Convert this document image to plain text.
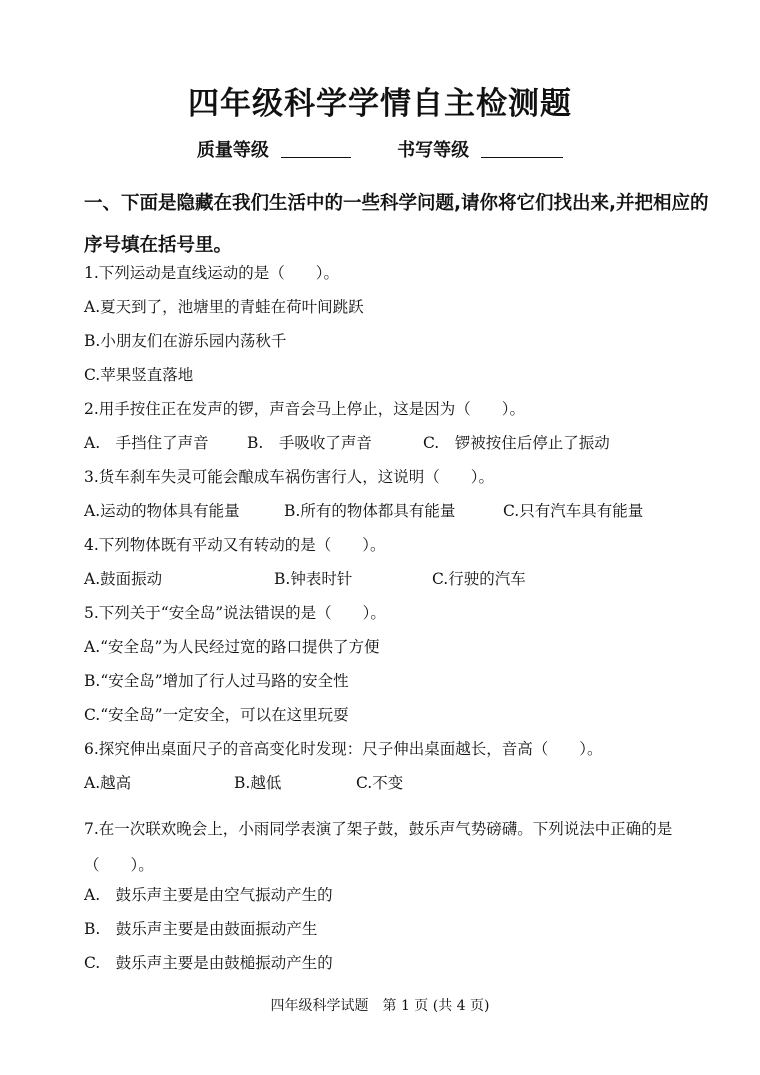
四年级科学学情自主检测题
质量等级	书写等级
一、下面是隐藏在我们生活中的一些科学问题,请你将它们找出来,并把相应的序号填在括号里。
1.下列运动是直线运动的是（　　）。
A.夏天到了，池塘里的青蛙在荷叶间跳跃
B.小朋友们在游乐园内荡秋千
C.苹果竖直落地
2.用手按住正在发声的锣，声音会马上停止，这是因为（　　）。
A.　手挡住了声音 B.　手吸收了声音	C.　锣被按住后停止了振动
3.货车刹车失灵可能会酿成车祸伤害行人，这说明（　　）。
A.运动的物体具有能量	B.所有的物体都具有能量	C.只有汽车具有能量
4.下列物体既有平动又有转动的是（　　）。
A.鼓面振动	B.钟表时针	C.行驶的汽车
5.下列关于“安全岛”说法错误的是（　　）。
A.“安全岛”为人民经过宽的路口提供了方便
B.“安全岛”增加了行人过马路的安全性
C.“安全岛”一定安全，可以在这里玩耍
6.探究伸出桌面尺子的音高变化时发现：尺子伸出桌面越长，音高（　　）。
A.越高	B.越低	C.不变
7.在一次联欢晚会上，小雨同学表演了架子鼓，鼓乐声气势磅礴。下列说法中正确的是（　　）。
A.　鼓乐声主要是由空气振动产生的
B.　鼓乐声主要是由鼓面振动产生
C.　鼓乐声主要是由鼓槌振动产生的
四年级科学试题　第 1 页 (共 4 页)
